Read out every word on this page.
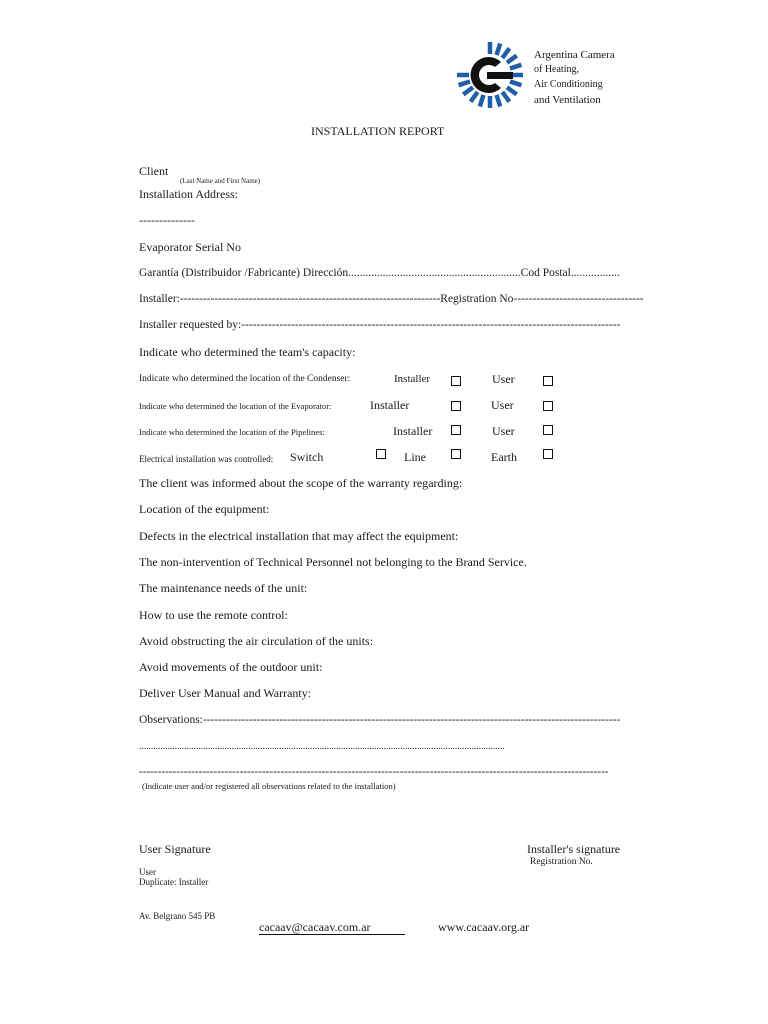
Argentina Camera
of Heating,
Air Conditioning
and Ventilation
INSTALLATION REPORT
Client
(Last Name and First Name)
Installation Address:
--------------
Evaporator Serial No
Garantía (Distribuidor /Fabricante) Dirección............................................................Cod Postal.................
Installer:--------------------------------------------------------------------Registration No----------------------------------
Installer requested by:---------------------------------------------------------------------------------------------------
Indicate who determined the team's capacity:
Indicate who determined the location of the Condenser:	Installer	User
Indicate who determined the location of the Evaporator:	Installer	User
Indicate who determined the location of the Pipelines:	Installer	User
Electrical installation was controlled: Switch	Line	Earth
The client was informed about the scope of the warranty regarding:
Location of the equipment:
Defects in the electrical installation that may affect the equipment:
The non-intervention of Technical Personnel not belonging to the Brand Service.
The maintenance needs of the unit:
How to use the remote control:
Avoid obstructing the air circulation of the units:
Avoid movements of the outdoor unit:
Deliver User Manual and Warranty:
Observations:-------------------------------------------------------------------------------------------------------------
..........................................................................................................................................................
------------------------------------------------------------------------------------------------------------------------------
(Indicate user and/or registered all observations related to the installation)
User Signature	Installer's signature
Registration No.
User
Duplicate: Installer
Av. Belgrano 545 PB
cacaav@cacaav.com.ar	www.cacaav.org.ar
